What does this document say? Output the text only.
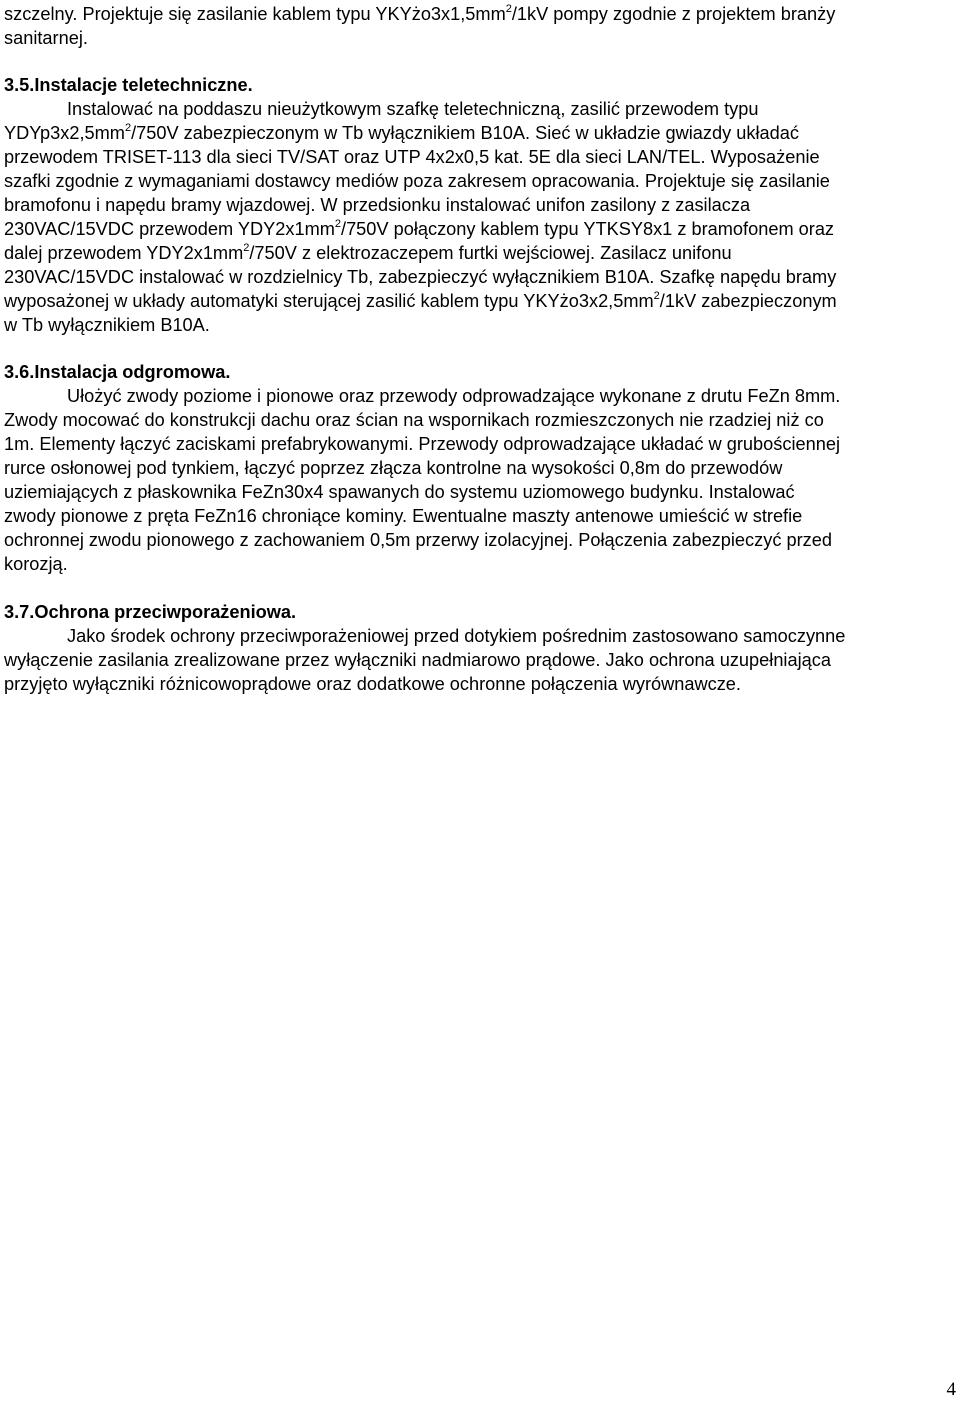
szczelny. Projektuje się zasilanie kablem typu $YKYżo3x1,5mm^2/1kV$ pompy zgodnie z projektem branży
sanitarnej.
3.5.Instalacje teletechniczne.
Instalować na poddaszu nieużytkowym szafkę teletechniczną, zasilić przewodem typu
$YDYp3x2,5mm^2/750V$ zabezpieczonym w Tb wyłącznikiem B10A. Sieć w układzie gwiazdy układać
przewodem TRISET-113 dla sieci TV/SAT oraz UTP 4x2x0,5 kat. 5E dla sieci LAN/TEL. Wyposażenie
szafki zgodnie z wymaganiami dostawcy mediów poza zakresem opracowania. Projektuje się zasilanie
bramofonu i napędu bramy wjazdowej. W przedsionku instalować unifon zasilony z zasilacza
230VAC/15VDC przewodem $YDY2x1mm^2/750V$ połączony kablem typu YTKSY8x1 z bramofonem oraz
dalej przewodem $YDY2x1mm^2/750V$ z elektrozaczepem furtki wejściowej. Zasilacz unifonu
230VAC/15VDC instalować w rozdzielnicy Tb, zabezpieczyć wyłącznikiem B10A. Szafkę napędu bramy
wyposażonej w układy automatyki sterującej zasilić kablem typu $YKYżo3x2,5mm^2/1kV$ zabezpieczonym
w Tb wyłącznikiem B10A.
3.6.Instalacja odgromowa.
Ułożyć zwody poziome i pionowe oraz przewody odprowadzające wykonane z drutu FeZn 8mm.
Zwody mocować do konstrukcji dachu oraz ścian na wspornikach rozmieszczonych nie rzadziej niż co
1m. Elementy łączyć zaciskami prefabrykowanymi. Przewody odprowadzające układać w grubościennej
rurce osłonowej pod tynkiem, łączyć poprzez złącza kontrolne na wysokości 0,8m do przewodów
uziemiających z płaskownika FeZn30x4 spawanych do systemu uziomowego budynku. Instalować
zwody pionowe z pręta FeZn16 chroniące kominy. Ewentualne maszty antenowe umieścić w strefie
ochronnej zwodu pionowego z zachowaniem 0,5m przerwy izolacyjnej. Połączenia zabezpieczyć przed
korozją.
3.7.Ochrona przeciwporażeniowa.
Jako środek ochrony przeciwporażeniowej przed dotykiem pośrednim zastosowano samoczynne
wyłączenie zasilania zrealizowane przez wyłączniki nadmiarowo prądowe. Jako ochrona uzupełniająca
przyjęto wyłączniki różnicowoprądowe oraz dodatkowe ochronne połączenia wyrównawcze.
4
